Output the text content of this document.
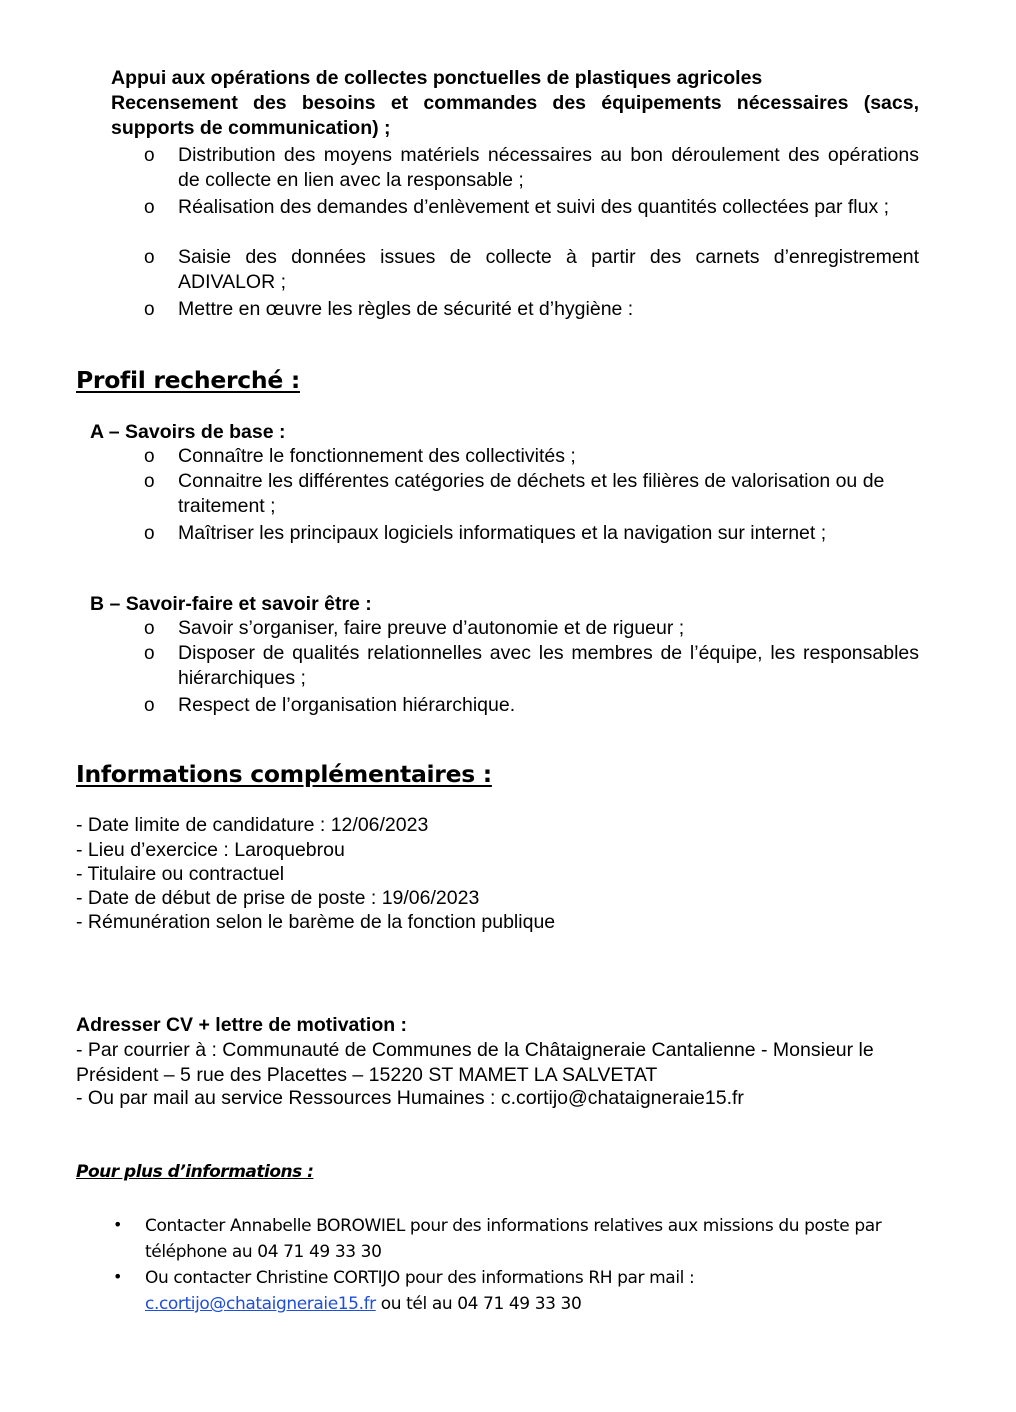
Appui aux opérations de collectes ponctuelles de plastiques agricoles
Recensement des besoins et commandes des équipements nécessaires (sacs, supports de communication) ;
o Distribution des moyens matériels nécessaires au bon déroulement des opérations de collecte en lien avec la responsable ;
o Réalisation des demandes d’enlèvement et suivi des quantités collectées par flux ;
o Saisie des données issues de collecte à partir des carnets d’enregistrement ADIVALOR ;
o Mettre en œuvre les règles de sécurité et d’hygiène :
Profil recherché :
A – Savoirs de base :
o Connaître le fonctionnement des collectivités ;
o Connaitre les différentes catégories de déchets et les filières de valorisation ou de traitement ;
o Maîtriser les principaux logiciels informatiques et la navigation sur internet ;
B – Savoir-faire et savoir être :
o Savoir s’organiser, faire preuve d’autonomie et de rigueur ;
o Disposer de qualités relationnelles avec les membres de l’équipe, les responsables hiérarchiques ;
o Respect de l’organisation hiérarchique.
Informations complémentaires :
- Date limite de candidature : 12/06/2023
- Lieu d’exercice : Laroquebrou
- Titulaire ou contractuel
- Date de début de prise de poste : 19/06/2023
- Rémunération selon le barème de la fonction publique
Adresser CV + lettre de motivation :
- Par courrier à : Communauté de Communes de la Châtaigneraie Cantalienne - Monsieur le Président – 5 rue des Placettes – 15220 ST MAMET LA SALVETAT
- Ou par mail au service Ressources Humaines : c.cortijo@chataigneraie15.fr
Pour plus d’informations :
• Contacter Annabelle BOROWIEL pour des informations relatives aux missions du poste par téléphone au 04 71 49 33 30
• Ou contacter Christine CORTIJO pour des informations RH par mail :
c.cortijo@chataigneraie15.fr ou tél au 04 71 49 33 30
